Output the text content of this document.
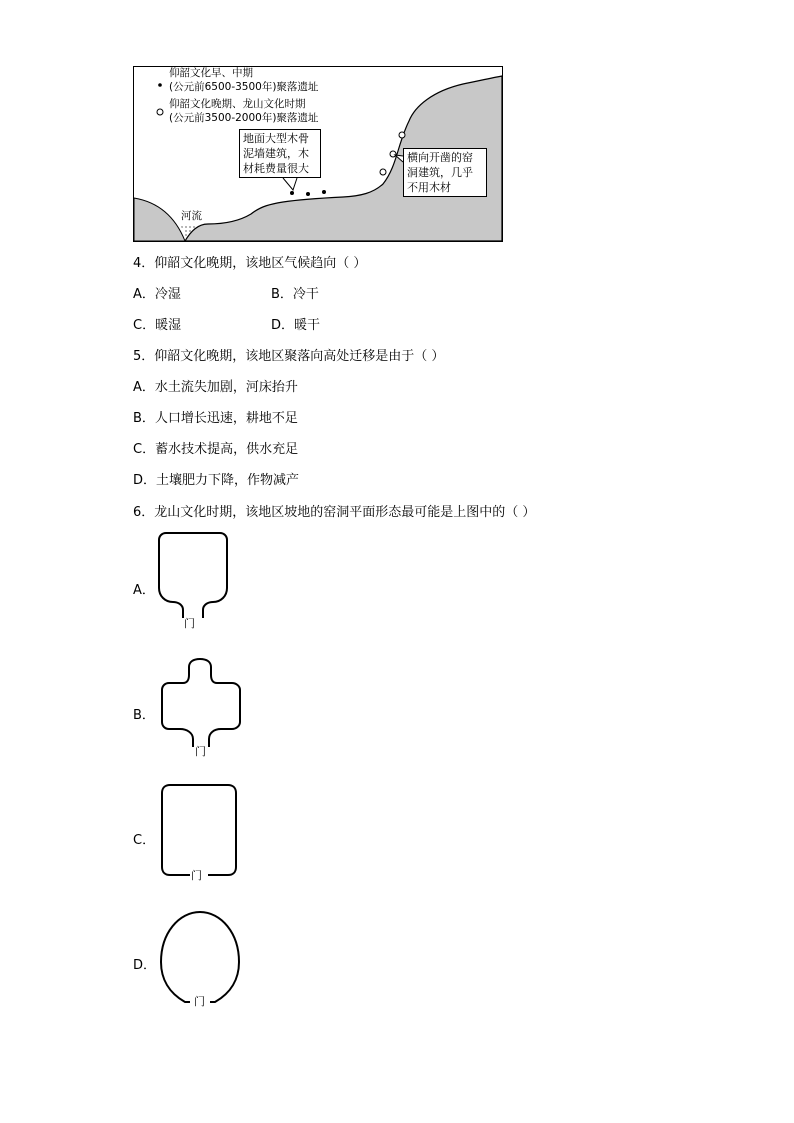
仰韶文化早、中期
(公元前6500-3500年)聚落遗址
仰韶文化晚期、龙山文化时期
(公元前3500-2000年)聚落遗址
河流
地面大型木骨泥墙建筑，木材耗费量很大
横向开凿的窑洞建筑，几乎不用木材
4．仰韶文化晚期，该地区气候趋向（ ）
A．冷湿	B．冷干
C．暖湿	D．暖干
5．仰韶文化晚期，该地区聚落向高处迁移是由于（ ）
A．水土流失加剧，河床抬升
B．人口增长迅速，耕地不足
C．蓄水技术提高，供水充足
D．土壤肥力下降，作物减产
6．龙山文化时期，该地区坡地的窑洞平面形态最可能是上图中的（ ）
A．
门
B．
门
C．
门
D．
门
